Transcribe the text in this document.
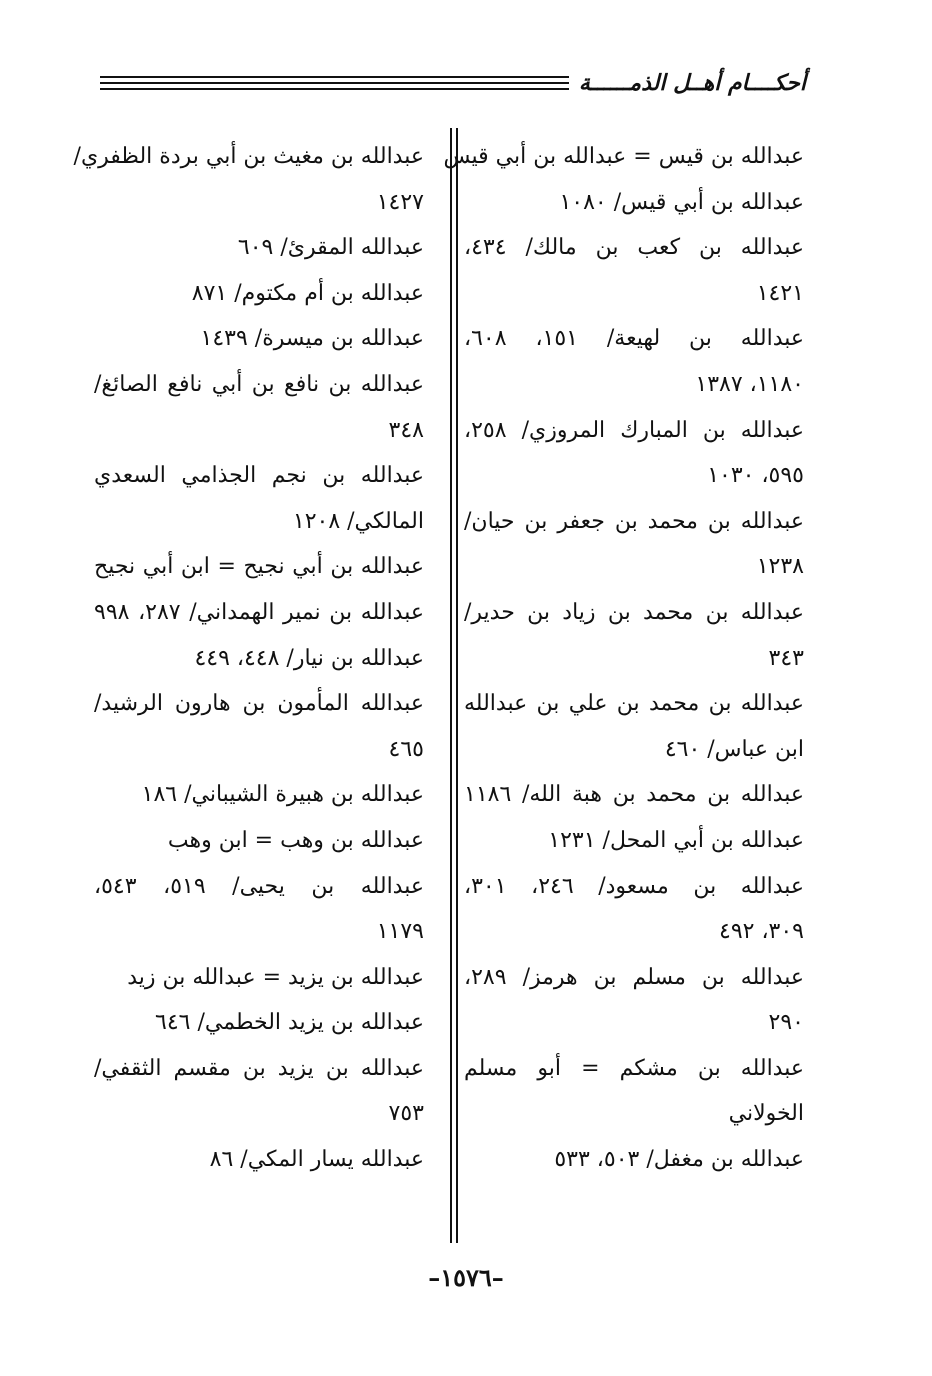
أحكــــام أهــل الذمــــــة
عبدالله بن قيس = عبدالله بن أبي قيس
عبدالله بن أبي قيس/ ١٠٨٠
عبدالله بن كعب بن مالك/ ٤٣٤،
١٤٢١
عبدالله بن لهيعة/ ١٥١، ٦٠٨،
١١٨٠، ١٣٨٧
عبدالله بن المبارك المروزي/ ٢٥٨،
٥٩٥، ١٠٣٠
عبدالله بن محمد بن جعفر بن حيان/
١٢٣٨
عبدالله بن محمد بن زياد بن حدير/
٣٤٣
عبدالله بن محمد بن علي بن عبدالله
ابن عباس/ ٤٦٠
عبدالله بن محمد بن هبة الله/ ١١٨٦
عبدالله بن أبي المحل/ ١٢٣١
عبدالله بن مسعود/ ٢٤٦، ٣٠١،
٣٠٩، ٤٩٢
عبدالله بن مسلم بن هرمز/ ٢٨٩،
٢٩٠
عبدالله بن مشكم = أبو مسلم
الخولاني
عبدالله بن مغفل/ ٥٠٣، ٥٣٣
عبدالله بن مغيث بن أبي بردة الظفري/
١٤٢٧
عبدالله المقرئ/ ٦٠٩
عبدالله بن أم مكتوم/ ٨٧١
عبدالله بن ميسرة/ ١٤٣٩
عبدالله بن نافع بن أبي نافع الصائغ/
٣٤٨
عبدالله بن نجم الجذامي السعدي
المالكي/ ١٢٠٨
عبدالله بن أبي نجيح = ابن أبي نجيح
عبدالله بن نمير الهمداني/ ٢٨٧، ٩٩٨
عبدالله بن نيار/ ٤٤٨، ٤٤٩
عبدالله المأمون بن هارون الرشيد/
٤٦٥
عبدالله بن هبيرة الشيباني/ ١٨٦
عبدالله بن وهب = ابن وهب
عبدالله بن يحيى/ ٥١٩، ٥٤٣،
١١٧٩
عبدالله بن يزيد = عبدالله بن زيد
عبدالله بن يزيد الخطمي/ ٦٤٦
عبدالله بن يزيد بن مقسم الثقفي/
٧٥٣
عبدالله يسار المكي/ ٨٦
–١٥٧٦–
